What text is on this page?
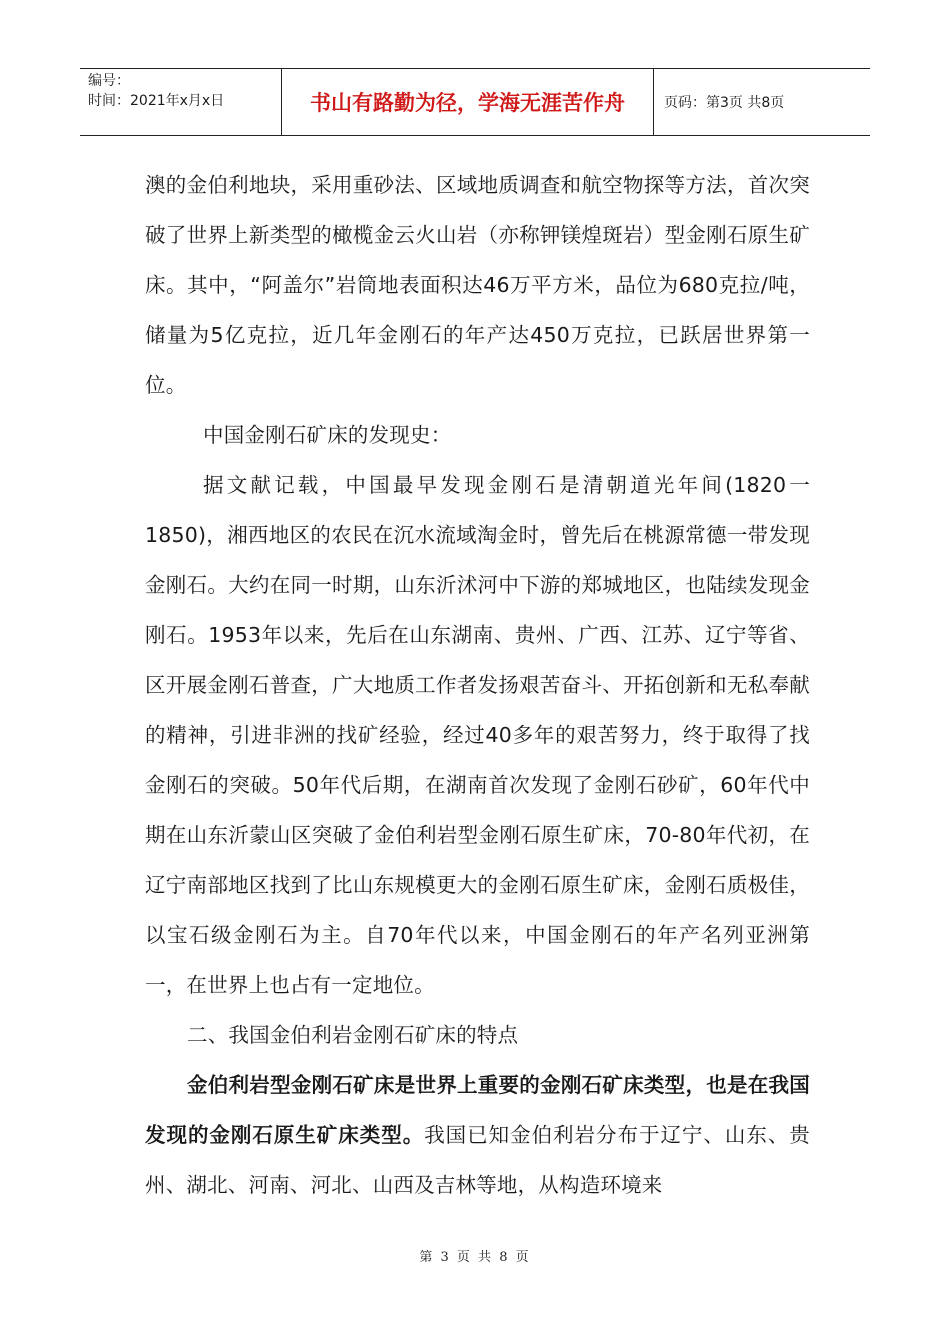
编号：
时间：2021年x月x日	书山有路勤为径，学海无涯苦作舟	页码：第3页 共8页

澳的金伯利地块，采用重砂法、区域地质调查和航空物探等方法，首次突破了世界上新类型的橄榄金云火山岩（亦称钾镁煌斑岩）型金刚石原生矿床。其中，“阿盖尔”岩筒地表面积达46万平方米，品位为680克拉/吨，储量为5亿克拉，近几年金刚石的年产达450万克拉，已跃居世界第一位。

中国金刚石矿床的发现史：

据文献记载，中国最早发现金刚石是清朝道光年间(1820一1850)，湘西地区的农民在沉水流域淘金时，曾先后在桃源常德一带发现金刚石。大约在同一时期，山东沂沭河中下游的郑城地区，也陆续发现金刚石。1953年以来，先后在山东湖南、贵州、广西、江苏、辽宁等省、区开展金刚石普查，广大地质工作者发扬艰苦奋斗、开拓创新和无私奉献的精神，引进非洲的找矿经验，经过40多年的艰苦努力，终于取得了找金刚石的突破。50年代后期，在湖南首次发现了金刚石砂矿，60年代中期在山东沂蒙山区突破了金伯利岩型金刚石原生矿床，70-80年代初，在辽宁南部地区找到了比山东规模更大的金刚石原生矿床，金刚石质极佳，以宝石级金刚石为主。自70年代以来，中国金刚石的年产名列亚洲第一，在世界上也占有一定地位。

二、我国金伯利岩金刚石矿床的特点

金伯利岩型金刚石矿床是世界上重要的金刚石矿床类型，也是在我国发现的金刚石原生矿床类型。我国已知金伯利岩分布于辽宁、山东、贵州、湖北、河南、河北、山西及吉林等地，从构造环境来

第 3 页 共 8 页
